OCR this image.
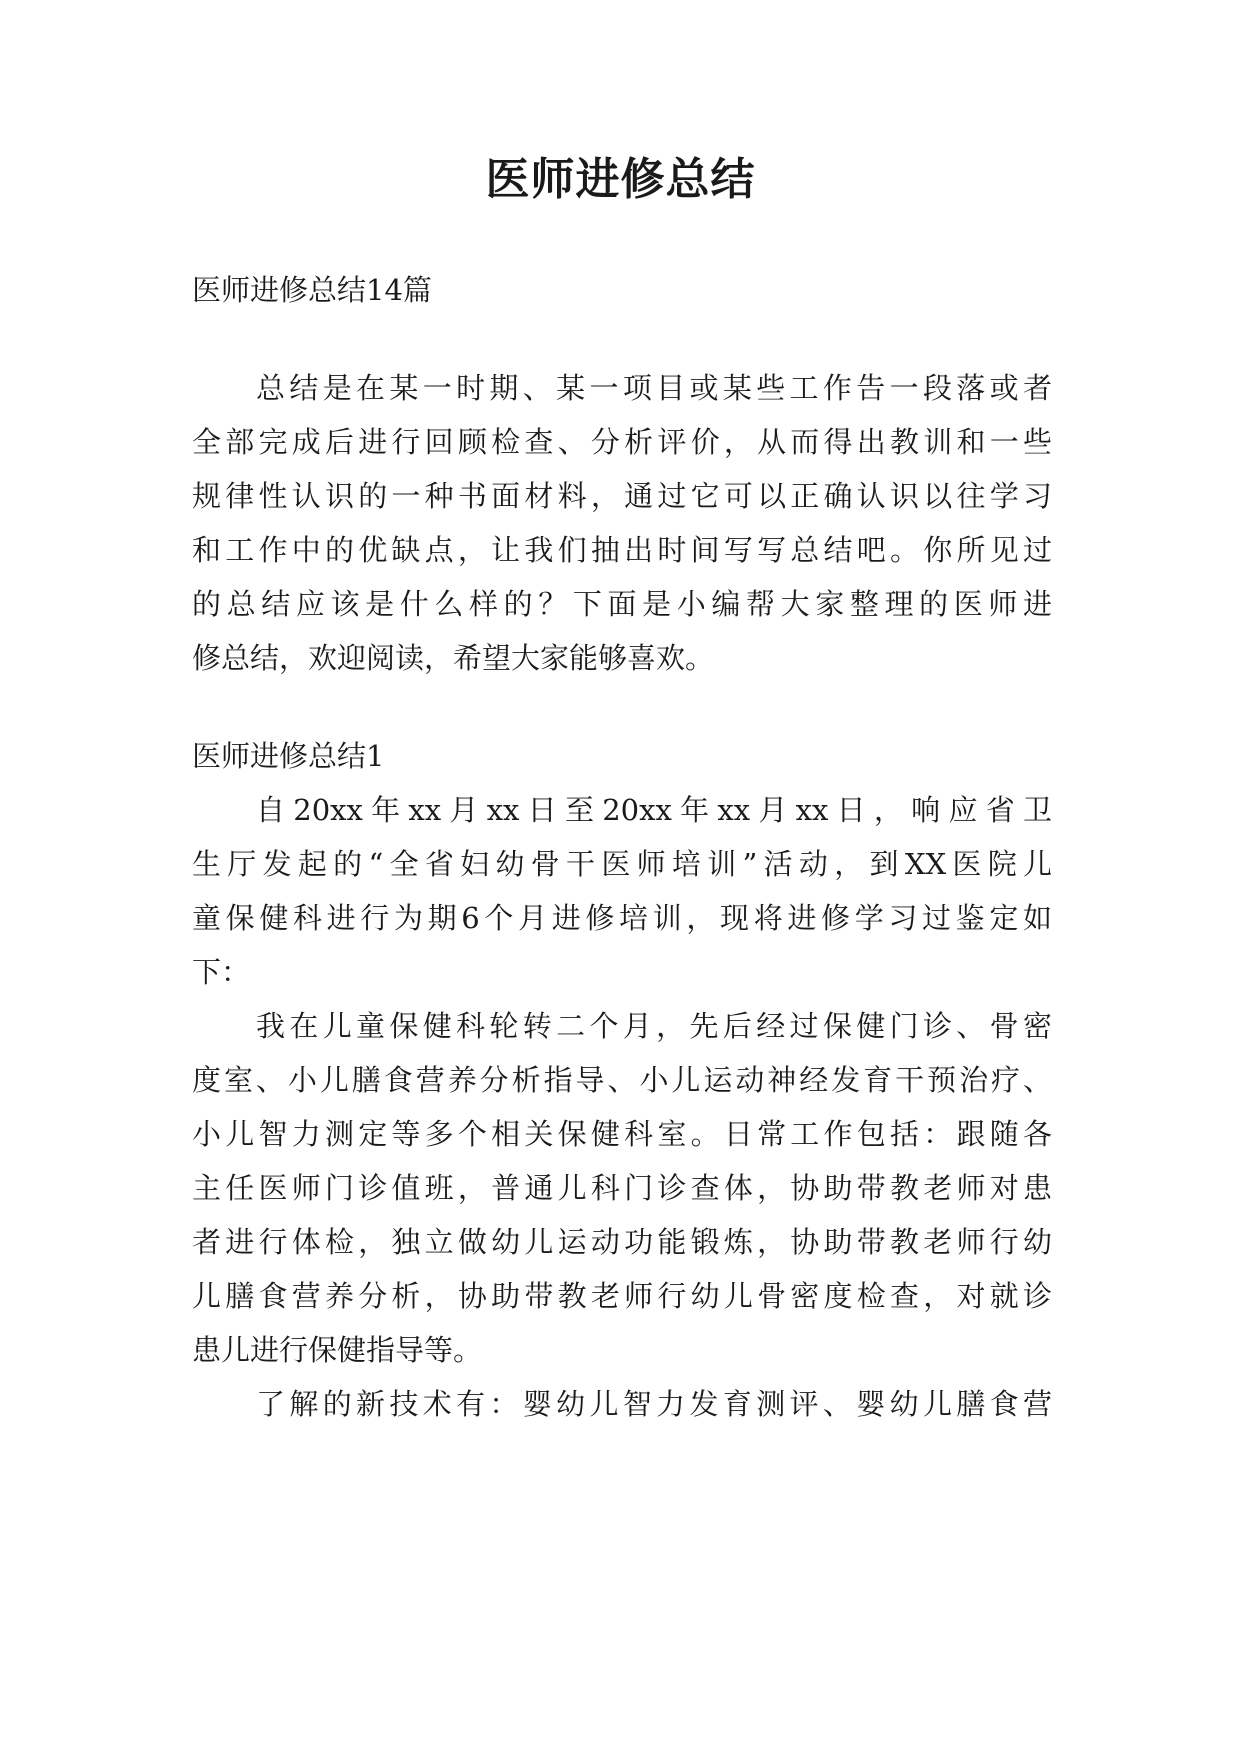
医师进修总结
医师进修总结14篇
总结是在某一时期、某一项目或某些工作告一段落或者
全部完成后进行回顾检查、分析评价，从而得出教训和一些
规律性认识的一种书面材料，通过它可以正确认识以往学习
和工作中的优缺点，让我们抽出时间写写总结吧。你所见过
的总结应该是什么样的？下面是小编帮大家整理的医师进
修总结，欢迎阅读，希望大家能够喜欢。
医师进修总结1
自20xx年xx月xx日至20xx年xx月xx日，响应省卫
生厅发起的“全省妇幼骨干医师培训”活动，到XX医院儿
童保健科进行为期6个月进修培训，现将进修学习过鉴定如
下：
我在儿童保健科轮转二个月，先后经过保健门诊、骨密
度室、小儿膳食营养分析指导、小儿运动神经发育干预治疗、
小儿智力测定等多个相关保健科室。日常工作包括：跟随各
主任医师门诊值班，普通儿科门诊查体，协助带教老师对患
者进行体检，独立做幼儿运动功能锻炼，协助带教老师行幼
儿膳食营养分析，协助带教老师行幼儿骨密度检查，对就诊
患儿进行保健指导等。
了解的新技术有：婴幼儿智力发育测评、婴幼儿膳食营
